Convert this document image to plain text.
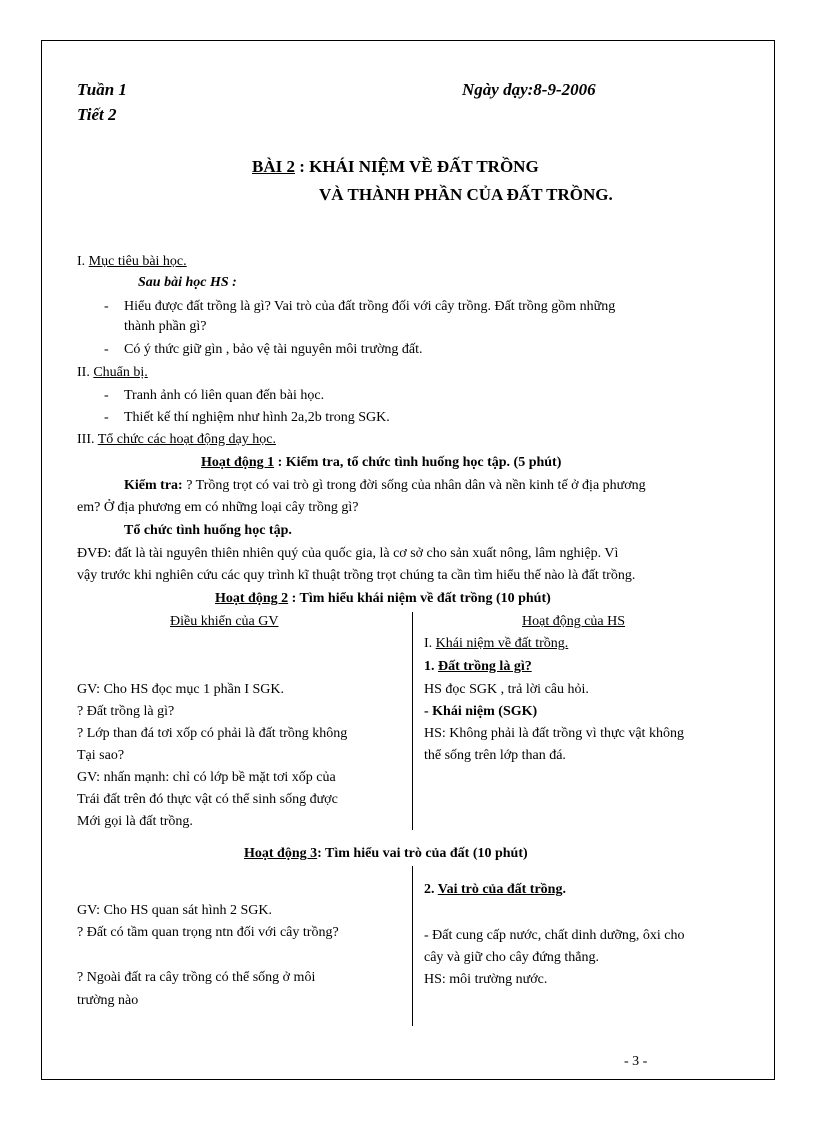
Tuần 1
Tiết 2
Ngày dạy:8-9-2006
BÀI 2 : KHÁI NIỆM VỀ ĐẤT TRỒNG
VÀ THÀNH PHẦN CỦA ĐẤT TRỒNG.
I. Mục tiêu bài học.
Sau bài học HS :
- Hiểu được đất trồng là gì? Vai trò của đất trồng đối với cây trồng. Đất trồng gồm những
thành phần gì?
- Có ý thức giữ gìn , bảo vệ tài nguyên môi trường đất.
II. Chuẩn bị.
- Tranh ảnh có liên quan đến bài học.
- Thiết kế thí nghiệm như hình 2a,2b trong SGK.
III. Tổ chức các hoạt động dạy học.
Hoạt động 1 : Kiểm tra, tổ chức tình huống học tập. (5 phút)
Kiểm tra: ? Trồng trọt có vai trò gì trong đời sống của nhân dân và nền kinh tế ở địa phương
em? Ở địa phương em có những loại cây trồng gì?
Tổ chức tình huống học tập.
ĐVĐ: đất là tài nguyên thiên nhiên quý của quốc gia, là cơ sở cho sản xuất nông, lâm nghiệp. Vì
vậy trước khi nghiên cứu các quy trình kĩ thuật trồng trọt chúng ta cần tìm hiểu thế nào là đất trồng.
Hoạt động 2 : Tìm hiểu khái niệm về đất trồng (10 phút)
Điều khiển của GV	Hoạt động của HS
I. Khái niệm về đất trồng.
1. Đất trồng là gì?
GV: Cho HS đọc mục 1 phần I SGK.
? Đất trồng là gì?
? Lớp than đá tơi xốp có phải là đất trồng không
Tại sao?
GV: nhấn mạnh: chỉ có lớp bề mặt tơi xốp của
Trái đất trên đó thực vật có thể sinh sống được
Mới gọi là đất trồng.
HS đọc SGK , trả lời câu hỏi.
- Khái niệm (SGK)
HS: Không phải là đất trồng vì thực vật không
thể sống trên lớp than đá.
Hoạt động 3: Tìm hiểu vai trò của đất (10 phút)
2. Vai trò của đất trồng.
GV: Cho HS quan sát hình 2 SGK.
? Đất có tầm quan trọng ntn đối với cây trồng?
? Ngoài đất ra cây trồng có thể sống ở môi
trường nào
- Đất cung cấp nước, chất dinh dưỡng, ôxi cho
cây và giữ cho cây đứng thẳng.
HS: môi trường nước.
- 3 -
